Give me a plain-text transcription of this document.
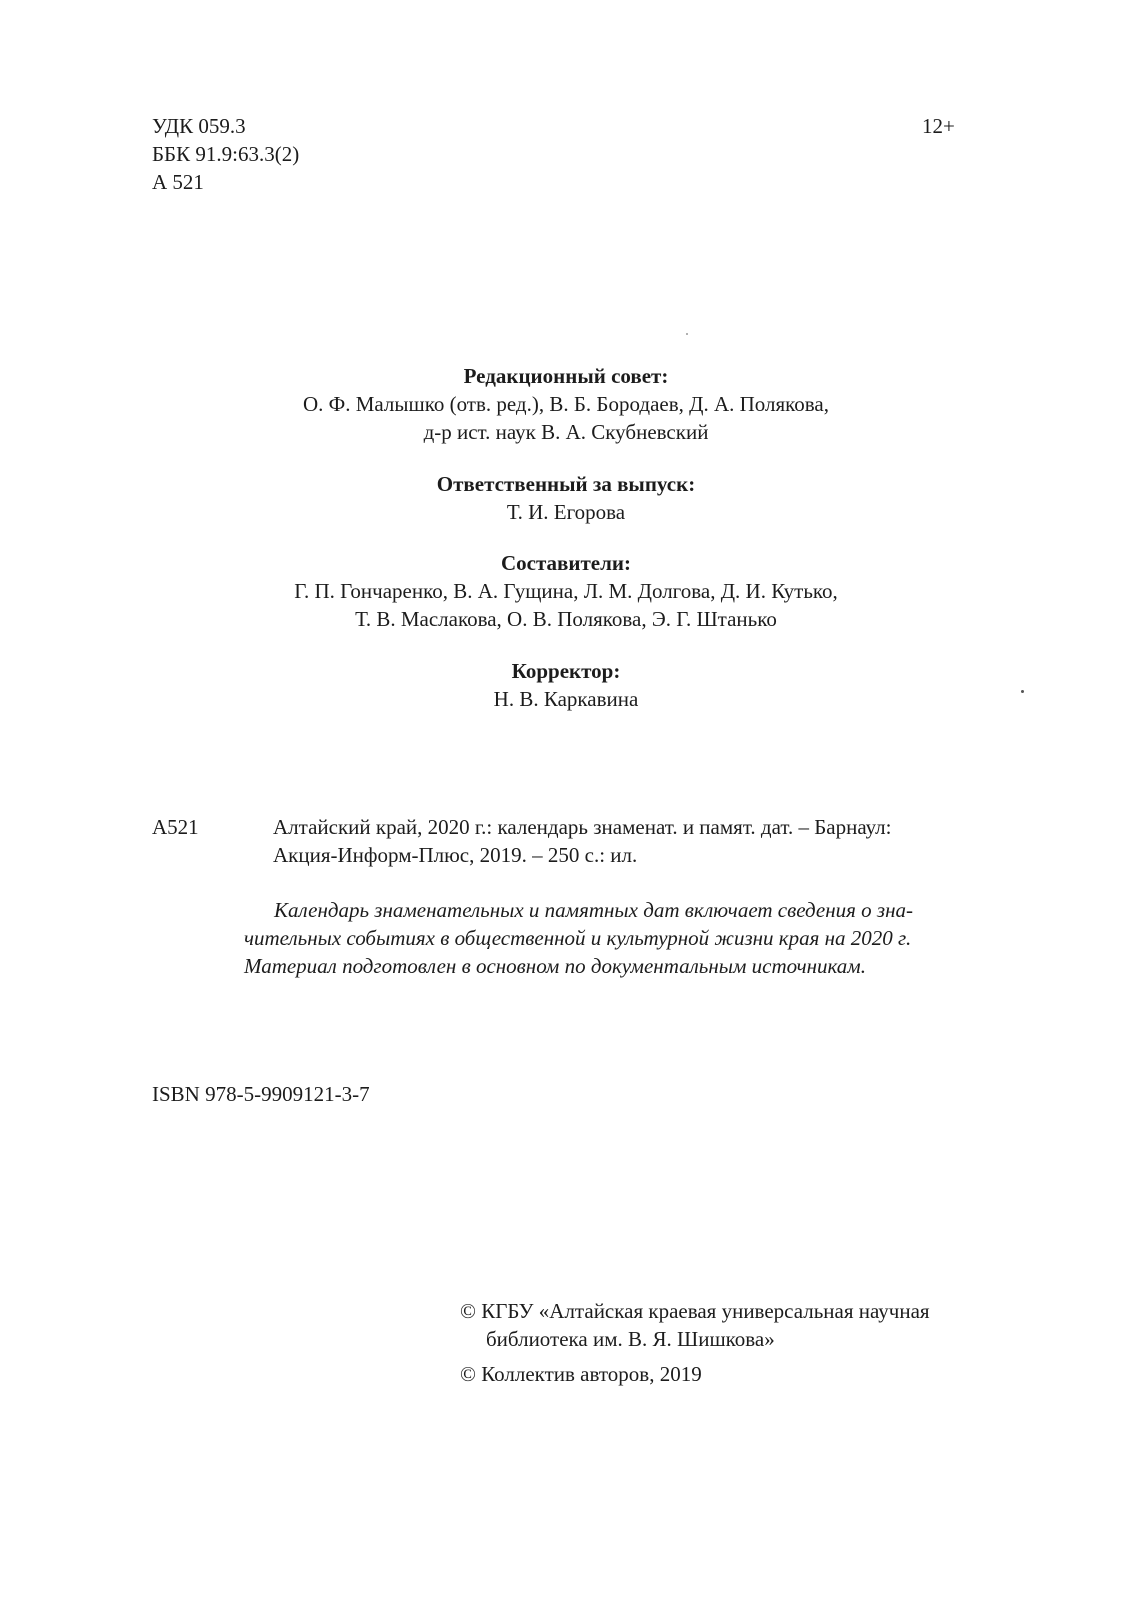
УДК 059.3
ББК 91.9:63.3(2)
А 521
12+
Редакционный совет:
О. Ф. Малышко (отв. ред.), В. Б. Бородаев, Д. А. Полякова,
д-р ист. наук В. А. Скубневский
Ответственный за выпуск:
Т. И. Егорова
Составители:
Г. П. Гончаренко, В. А. Гущина, Л. М. Долгова, Д. И. Кутько,
Т. В. Маслакова, О. В. Полякова, Э. Г. Штанько
Корректор:
Н. В. Каркавина
А521	Алтайский край, 2020 г.: календарь знаменат. и памят. дат. – Барнаул:
Акция-Информ-Плюс, 2019. – 250 с.: ил.
Календарь знаменательных и памятных дат включает сведения о зна-
чительных событиях в общественной и культурной жизни края на 2020 г.
Материал подготовлен в основном по документальным источникам.
ISBN 978-5-9909121-3-7
© КГБУ «Алтайская краевая универсальная научная
библиотека им. В. Я. Шишкова»
© Коллектив авторов, 2019
